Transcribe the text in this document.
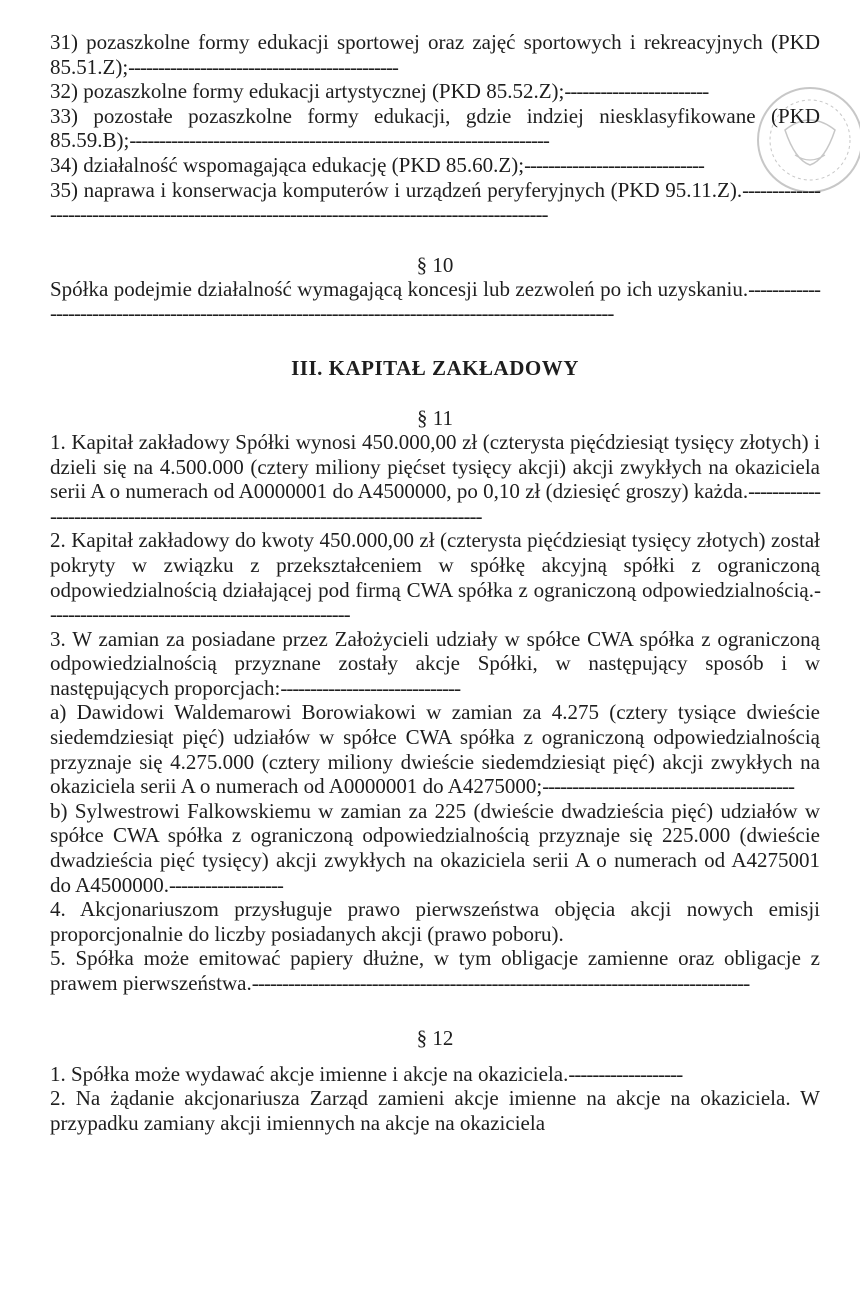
31) pozaszkolne formy edukacji sportowej oraz zajęć sportowych i rekreacyjnych (PKD 85.51.Z);---------------------------------------------

32) pozaszkolne formy edukacji artystycznej (PKD 85.52.Z);------------------------

33) pozostałe pozaszkolne formy edukacji, gdzie indziej niesklasyfikowane (PKD 85.59.B);----------------------------------------------------------------------

34) działalność wspomagająca edukację (PKD 85.60.Z);------------------------------

35) naprawa i konserwacja komputerów i urządzeń peryferyjnych (PKD 95.11.Z).------------------------------------------------------------------------------------------------

§ 10

Spółka podejmie działalność wymagającą koncesji lub zezwoleń po ich uzyskaniu.----------------------------------------------------------------------------------------------------------

III. KAPITAŁ ZAKŁADOWY

§ 11

1. Kapitał zakładowy Spółki wynosi 450.000,00 zł (czterysta pięćdziesiąt tysięcy złotych) i dzieli się na 4.500.000 (cztery miliony pięćset tysięcy akcji) akcji zwykłych na okaziciela serii A o numerach od A0000001 do A4500000, po 0,10 zł (dziesięć groszy) każda.------------------------------------------------------------------------------------

2. Kapitał zakładowy do kwoty 450.000,00 zł (czterysta pięćdziesiąt tysięcy złotych) został pokryty w związku z przekształceniem w spółkę akcyjną spółki z ograniczoną odpowiedzialnością działającej pod firmą CWA spółka z ograniczoną odpowiedzialnością.---------------------------------------------------

3. W zamian za posiadane przez Założycieli udziały w spółce CWA spółka z ograniczoną odpowiedzialnością przyznane zostały akcje Spółki, w następujący sposób i w następujących proporcjach:------------------------------

a) Dawidowi Waldemarowi Borowiakowi w zamian za 4.275 (cztery tysiące dwieście siedemdziesiąt pięć) udziałów w spółce CWA spółka z ograniczoną odpowiedzialnością przyznaje się 4.275.000 (cztery miliony dwieście siedemdziesiąt pięć) akcji zwykłych na okaziciela serii A o numerach od A0000001 do A4275000;------------------------------------------

b) Sylwestrowi Falkowskiemu w zamian za 225 (dwieście dwadzieścia pięć) udziałów w spółce CWA spółka z ograniczoną odpowiedzialnością przyznaje się 225.000 (dwieście dwadzieścia pięć tysięcy) akcji zwykłych na okaziciela serii A o numerach od A4275001 do A4500000.-------------------

4. Akcjonariuszom przysługuje prawo pierwszeństwa objęcia akcji nowych emisji proporcjonalnie do liczby posiadanych akcji (prawo poboru).

5. Spółka może emitować papiery dłużne, w tym obligacje zamienne oraz obligacje z prawem pierwszeństwa.-----------------------------------------------------------------------------------

§ 12

1. Spółka może wydawać akcje imienne i akcje na okaziciela.-------------------

2. Na żądanie akcjonariusza Zarząd zamieni akcje imienne na akcje na okaziciela. W przypadku zamiany akcji imiennych na akcje na okaziciela
